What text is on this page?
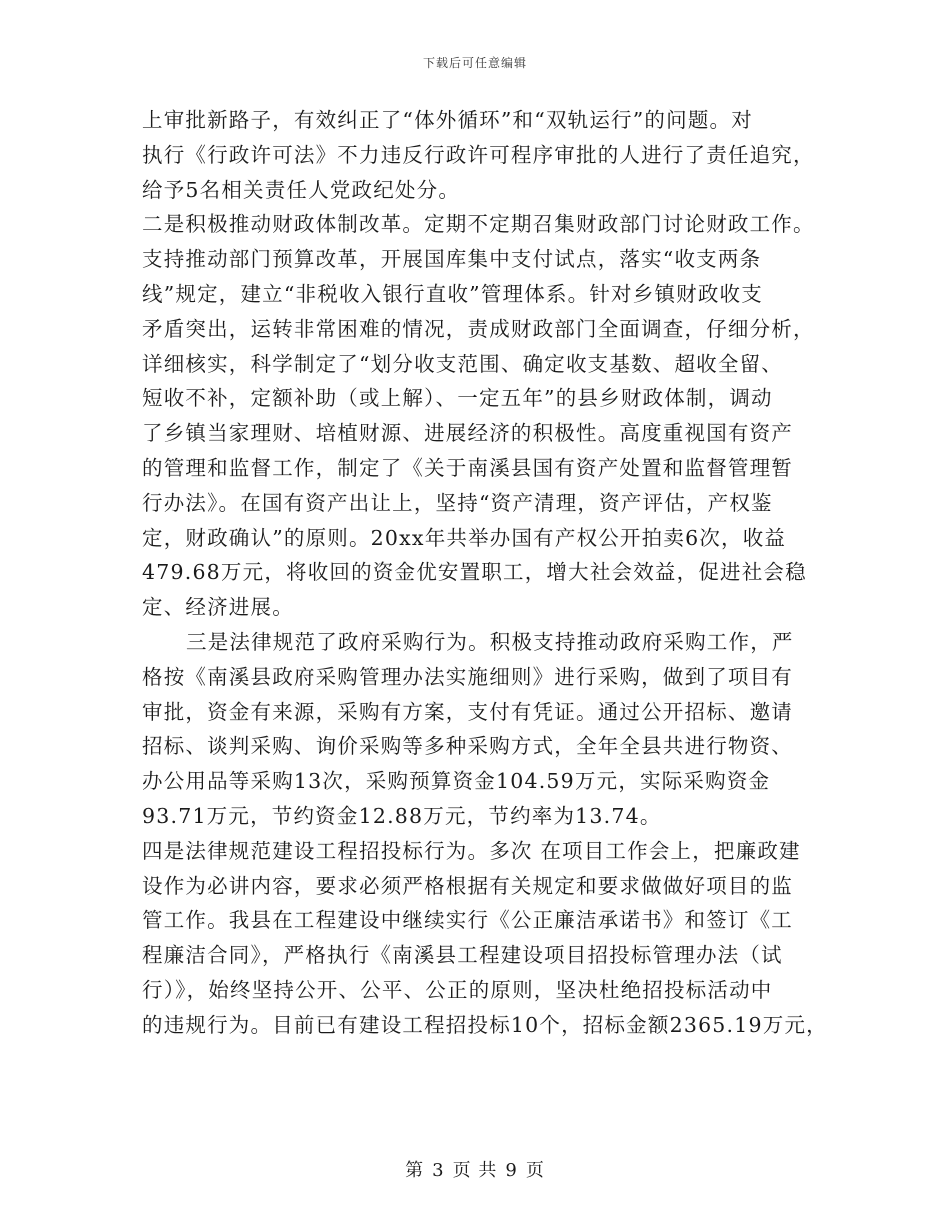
下载后可任意编辑
上审批新路子，有效纠正了“体外循环”和“双轨运行”的问题。对
执行《行政许可法》不力违反行政许可程序审批的人进行了责任追究，
给予5名相关责任人党政纪处分。
二是积极推动财政体制改革。定期不定期召集财政部门讨论财政工作。
支持推动部门预算改革，开展国库集中支付试点，落实“收支两条
线”规定，建立“非税收入银行直收”管理体系。针对乡镇财政收支
矛盾突出，运转非常困难的情况，责成财政部门全面调查，仔细分析，
详细核实，科学制定了“划分收支范围、确定收支基数、超收全留、
短收不补，定额补助（或上解）、一定五年”的县乡财政体制，调动
了乡镇当家理财、培植财源、进展经济的积极性。高度重视国有资产
的管理和监督工作，制定了《关于南溪县国有资产处置和监督管理暂
行办法》。在国有资产出让上，坚持“资产清理，资产评估，产权鉴
定，财政确认”的原则。20xx年共举办国有产权公开拍卖6次，收益
479.68万元，将收回的资金优安置职工，增大社会效益，促进社会稳
定、经济进展。
三是法律规范了政府采购行为。积极支持推动政府采购工作，严
格按《南溪县政府采购管理办法实施细则》进行采购，做到了项目有
审批，资金有来源，采购有方案，支付有凭证。通过公开招标、邀请
招标、谈判采购、询价采购等多种采购方式，全年全县共进行物资、
办公用品等采购13次，采购预算资金104.59万元，实际采购资金
93.71万元，节约资金12.88万元，节约率为13.74。
四是法律规范建设工程招投标行为。多次 在项目工作会上，把廉政建
设作为必讲内容，要求必须严格根据有关规定和要求做做好项目的监
管工作。我县在工程建设中继续实行《公正廉洁承诺书》和签订《工
程廉洁合同》，严格执行《南溪县工程建设项目招投标管理办法（试
行）》，始终坚持公开、公平、公正的原则，坚决杜绝招投标活动中
的违规行为。目前已有建设工程招投标10个，招标金额2365.19万元，
第 3 页 共 9 页
